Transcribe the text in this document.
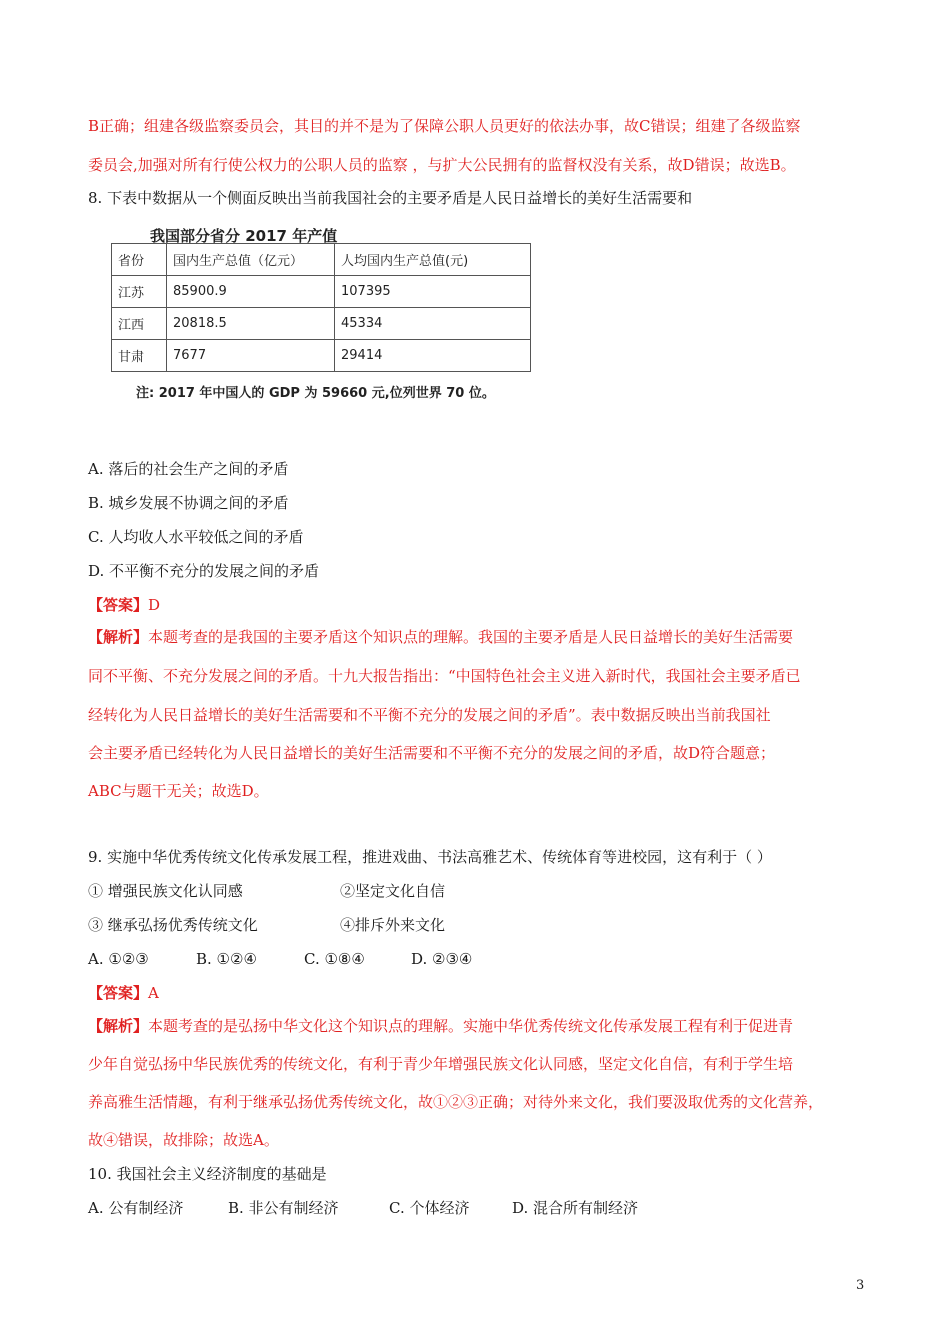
B正确；组建各级监察委员会，其目的并不是为了保障公职人员更好的依法办事，故C错误；组建了各级监察
委员会,加强对所有行使公权力的公职人员的监察 ，与扩大公民拥有的监督权没有关系，故D错误；故选B。
8. 下表中数据从一个侧面反映出当前我国社会的主要矛盾是人民日益增长的美好生活需要和
我国部分省分 2017 年产值
省份	国内生产总值（亿元）	人均国内生产总值(元)
江苏	85900.9	107395
江西	20818.5	45334
甘肃	7677	29414
注: 2017 年中国人的 GDP 为 59660 元,位列世界 70 位。
A. 落后的社会生产之间的矛盾
B. 城乡发展不协调之间的矛盾
C. 人均收人水平较低之间的矛盾
D. 不平衡不充分的发展之间的矛盾
【答案】D
【解析】本题考查的是我国的主要矛盾这个知识点的理解。我国的主要矛盾是人民日益增长的美好生活需要
同不平衡、不充分发展之间的矛盾。十九大报告指出：“中国特色社会主义进入新时代，我国社会主要矛盾已
经转化为人民日益增长的美好生活需要和不平衡不充分的发展之间的矛盾”。表中数据反映出当前我国社
会主要矛盾已经转化为人民日益增长的美好生活需要和不平衡不充分的发展之间的矛盾，故D符合题意；
ABC与题干无关；故选D。
9. 实施中华优秀传统文化传承发展工程，推进戏曲、书法高雅艺术、传统体育等进校园，这有利于（ ）
① 增强民族文化认同感	②坚定文化自信
③ 继承弘扬优秀传统文化	④排斥外来文化
A. ①②③	B. ①②④	C. ①⑧④	D. ②③④
【答案】A
【解析】本题考查的是弘扬中华文化这个知识点的理解。实施中华优秀传统文化传承发展工程有利于促进青
少年自觉弘扬中华民族优秀的传统文化，有利于青少年增强民族文化认同感，坚定文化自信，有利于学生培
养高雅生活情趣，有利于继承弘扬优秀传统文化，故①②③正确；对待外来文化，我们要汲取优秀的文化营养，
故④错误，故排除；故选A。
10. 我国社会主义经济制度的基础是
A. 公有制经济	B. 非公有制经济	C. 个体经济	D. 混合所有制经济
3
